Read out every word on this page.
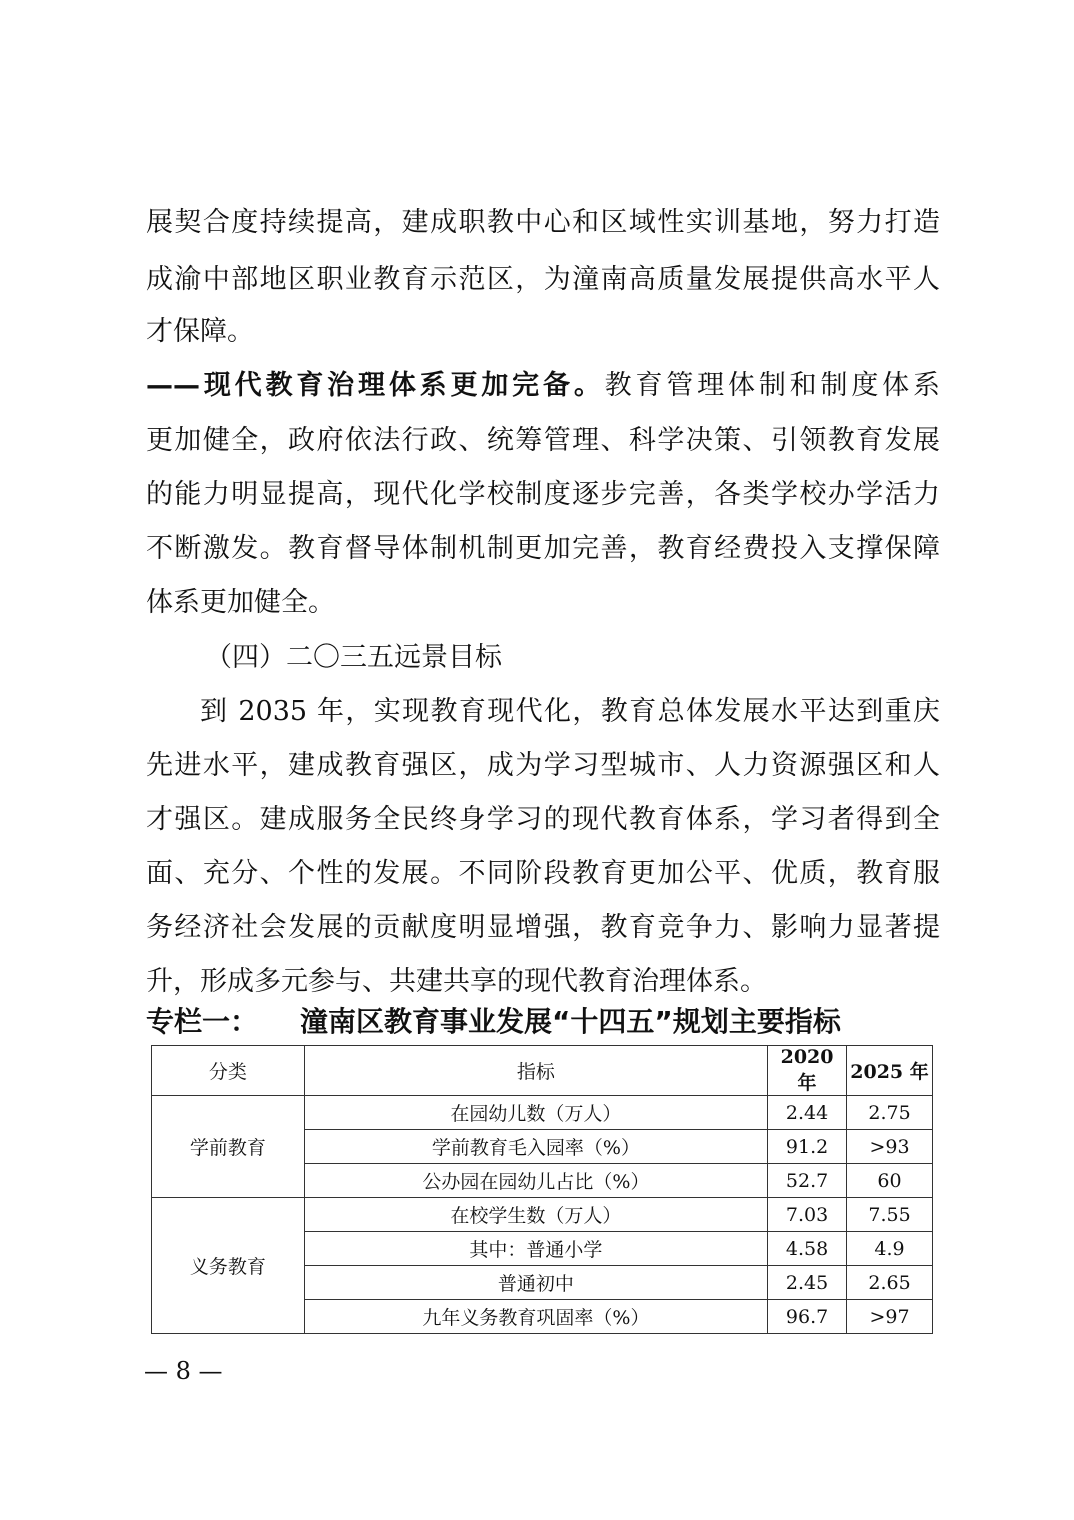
展契合度持续提高，建成职教中心和区域性实训基地，努力打造
成渝中部地区职业教育示范区，为潼南高质量发展提供高水平人
才保障。
——现代教育治理体系更加完备。教育管理体制和制度体系
更加健全，政府依法行政、统筹管理、科学决策、引领教育发展
的能力明显提高，现代化学校制度逐步完善，各类学校办学活力
不断激发。教育督导体制机制更加完善，教育经费投入支撑保障
体系更加健全。
（四）二〇三五远景目标
到 2035 年，实现教育现代化，教育总体发展水平达到重庆
先进水平，建成教育强区，成为学习型城市、人力资源强区和人
才强区。建成服务全民终身学习的现代教育体系，学习者得到全
面、充分、个性的发展。不同阶段教育更加公平、优质，教育服
务经济社会发展的贡献度明显增强，教育竞争力、影响力显著提
升，形成多元参与、共建共享的现代教育治理体系。
专栏一： 潼南区教育事业发展“十四五”规划主要指标
分类	指标	2020 年	2025 年
学前教育	在园幼儿数（万人）	2.44	2.75
	学前教育毛入园率（%）	91.2	>93
	公办园在园幼儿占比（%）	52.7	60
义务教育	在校学生数（万人）	7.03	7.55
	其中：普通小学	4.58	4.9
	普通初中	2.45	2.65
	九年义务教育巩固率（%）	96.7	>97
— 8 —
